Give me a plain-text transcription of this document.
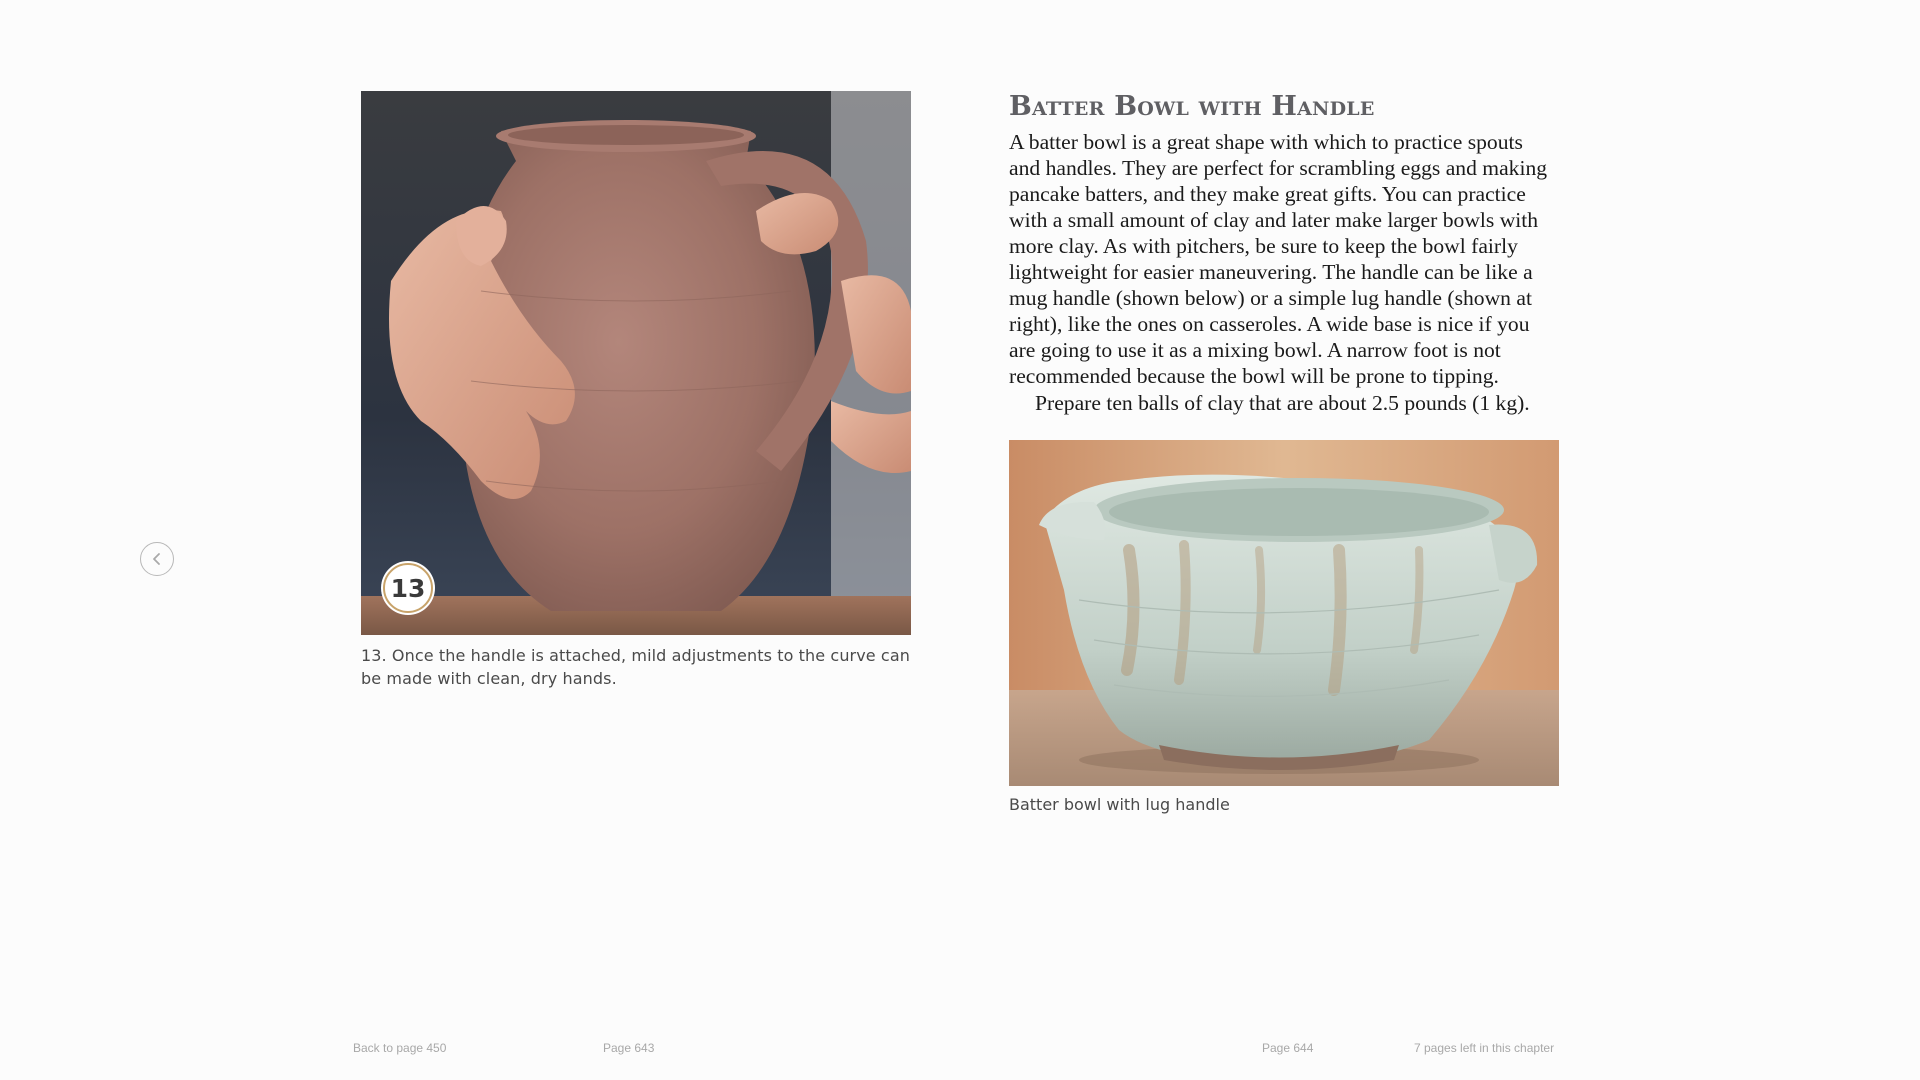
13
13. Once the handle is attached, mild adjustments to the curve can be made with clean, dry hands.
Batter Bowl with Handle

A batter bowl is a great shape with which to practice spouts and handles. They are perfect for scrambling eggs and making pancake batters, and they make great gifts. You can practice with a small amount of clay and later make larger bowls with more clay. As with pitchers, be sure to keep the bowl fairly lightweight for easier maneuvering. The handle can be like a mug handle (shown below) or a simple lug handle (shown at right), like the ones on casseroles. A wide base is nice if you are going to use it as a mixing bowl. A narrow foot is not recommended because the bowl will be prone to tipping.

Prepare ten balls of clay that are about 2.5 pounds (1 kg).

Batter bowl with lug handle
Back to page 450	Page 643	Page 644	7 pages left in this chapter
